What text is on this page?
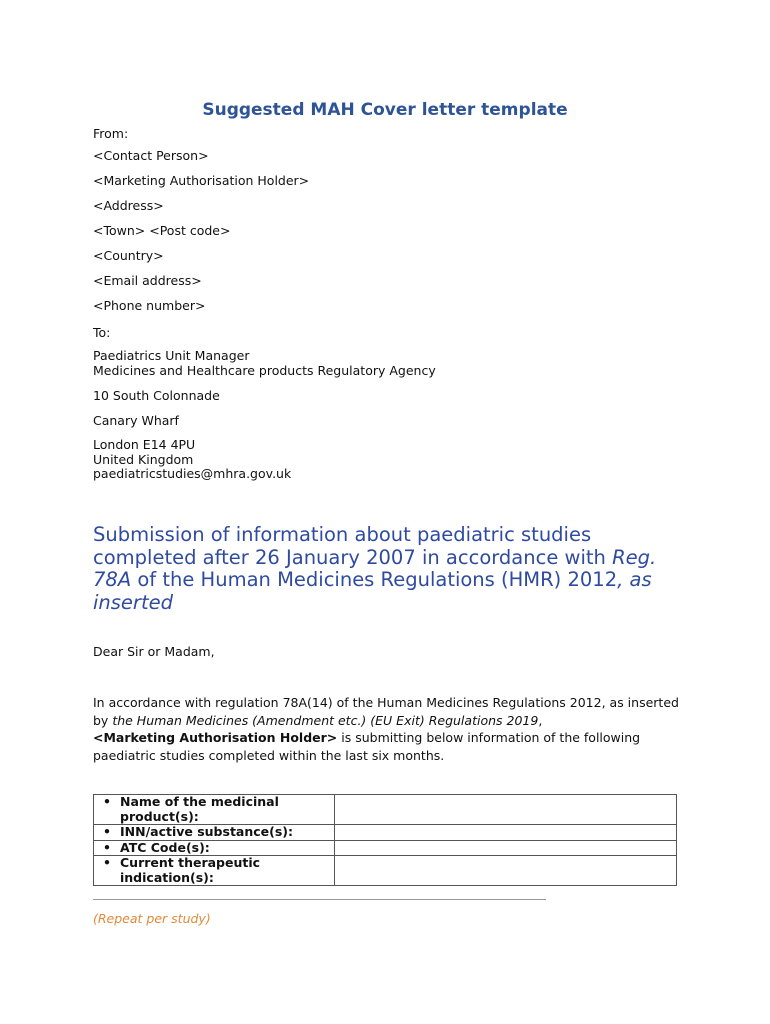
Suggested MAH Cover letter template

From:

<Contact Person>

<Marketing Authorisation Holder>

<Address>

<Town> <Post code>

<Country>

<Email address>

<Phone number>

To:

Paediatrics Unit Manager

Medicines and Healthcare products Regulatory Agency

10 South Colonnade

Canary Wharf

London E14 4PU

United Kingdom

paediatricstudies@mhra.gov.uk

Submission of information about paediatric studies completed after 26 January 2007 in accordance with Reg. 78A of the Human Medicines Regulations (HMR) 2012, as inserted

Dear Sir or Madam,

In accordance with regulation 78A(14) of the Human Medicines Regulations 2012, as inserted by the Human Medicines (Amendment etc.) (EU Exit) Regulations 2019,
<Marketing Authorisation Holder> is submitting below information of the following paediatric studies completed within the last six months.

• Name of the medicinal product(s):	

• INN/active substance(s):	

• ATC Code(s):	

• Current therapeutic indication(s):	

(Repeat per study)
